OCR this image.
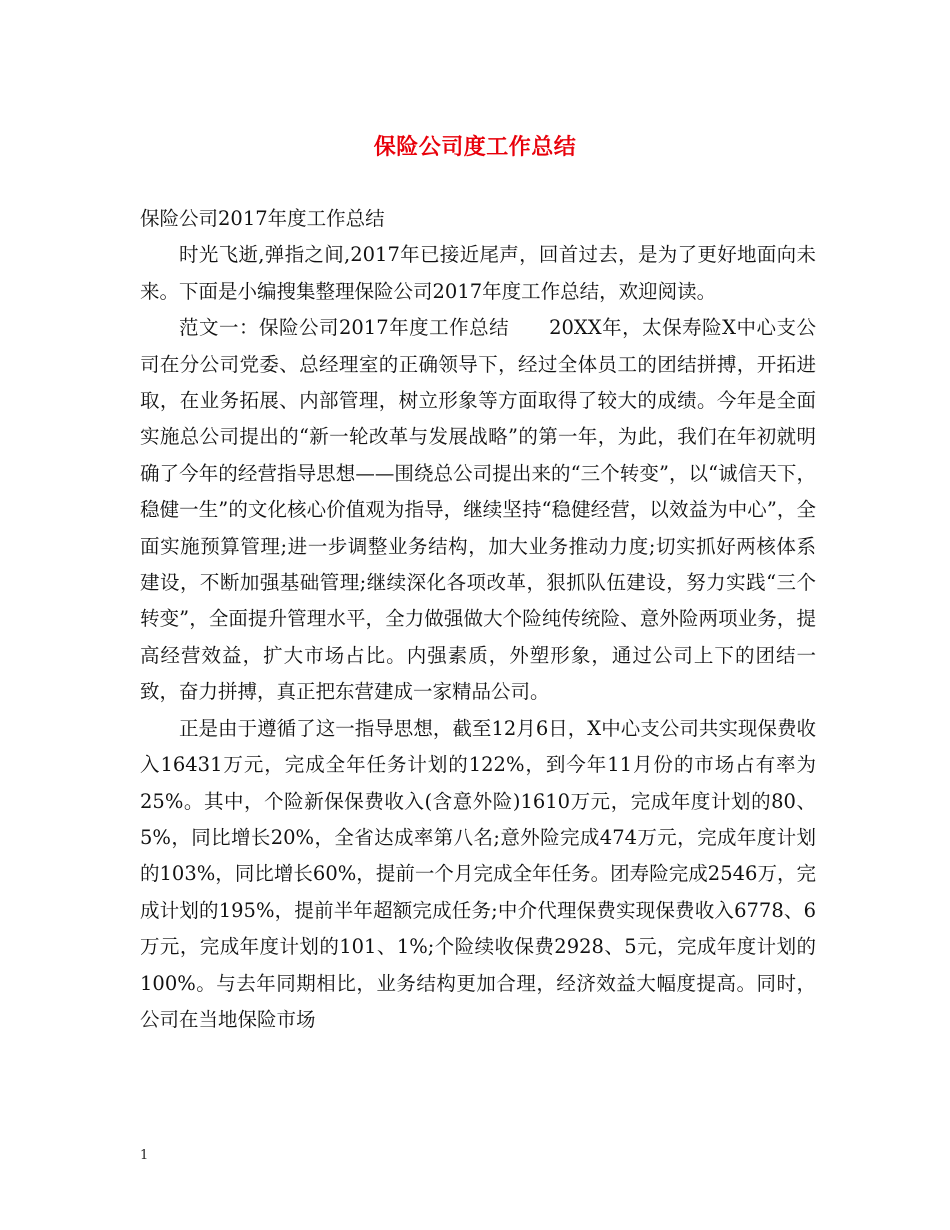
保险公司度工作总结

保险公司2017年度工作总结

时光飞逝,弹指之间,2017年已接近尾声，回首过去，是为了更好地面向未来。下面是小编搜集整理保险公司2017年度工作总结，欢迎阅读。

范文一：保险公司2017年度工作总结　　20XX年，太保寿险X中心支公司在分公司党委、总经理室的正确领导下，经过全体员工的团结拼搏，开拓进取，在业务拓展、内部管理，树立形象等方面取得了较大的成绩。今年是全面实施总公司提出的“新一轮改革与发展战略”的第一年，为此，我们在年初就明确了今年的经营指导思想——围绕总公司提出来的“三个转变”，以“诚信天下，稳健一生”的文化核心价值观为指导，继续坚持“稳健经营，以效益为中心”，全面实施预算管理;进一步调整业务结构，加大业务推动力度;切实抓好两核体系建设，不断加强基础管理;继续深化各项改革，狠抓队伍建设，努力实践“三个转变”，全面提升管理水平，全力做强做大个险纯传统险、意外险两项业务，提高经营效益，扩大市场占比。内强素质，外塑形象，通过公司上下的团结一致，奋力拼搏，真正把东营建成一家精品公司。

正是由于遵循了这一指导思想，截至12月6日，X中心支公司共实现保费收入16431万元，完成全年任务计划的122%，到今年11月份的市场占有率为25%。其中，个险新保保费收入(含意外险)1610万元，完成年度计划的80、5%，同比增长20%，全省达成率第八名;意外险完成474万元，完成年度计划的103%，同比增长60%，提前一个月完成全年任务。团寿险完成2546万，完成计划的195%，提前半年超额完成任务;中介代理保费实现保费收入6778、6万元，完成年度计划的101、1%;个险续收保费2928、5元，完成年度计划的100%。与去年同期相比，业务结构更加合理，经济效益大幅度提高。同时，公司在当地保险市场

1
